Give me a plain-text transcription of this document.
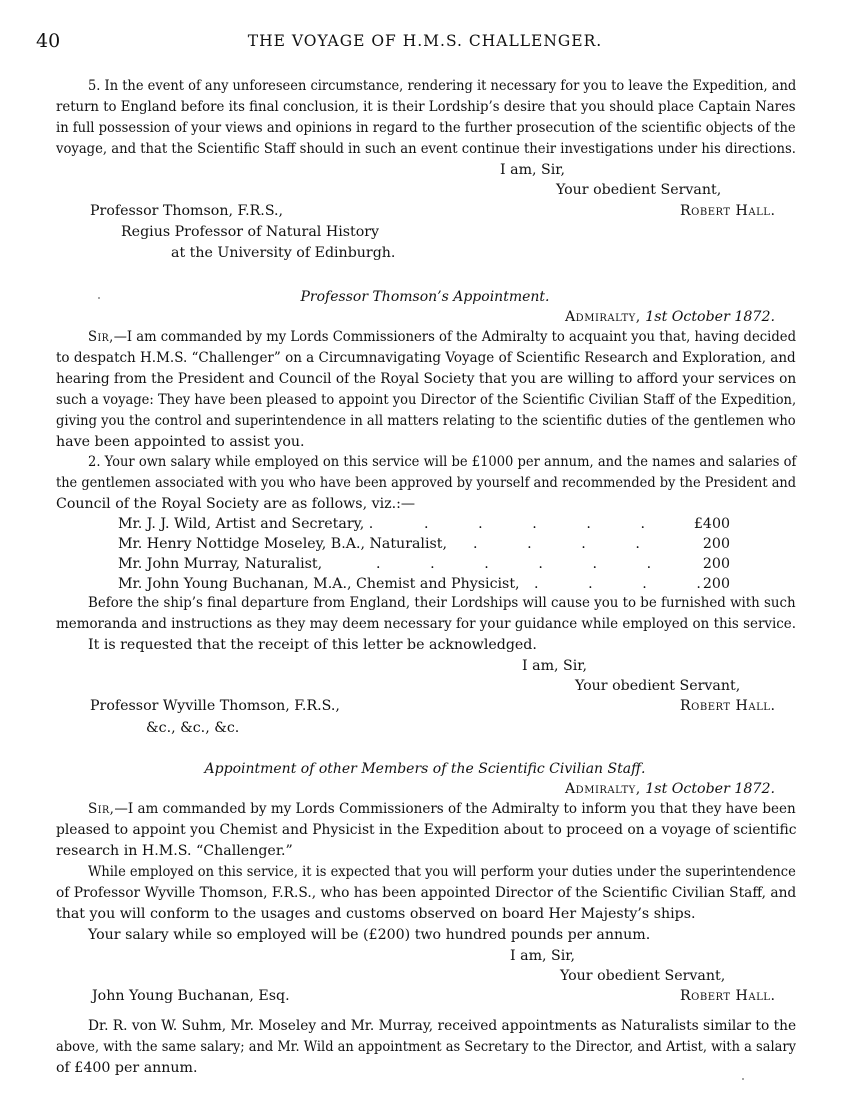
40	THE VOYAGE OF H.M.S. CHALLENGER.
5. In the event of any unforeseen circumstance, rendering it necessary for you to leave the Expedition, and
return to England before its final conclusion, it is their Lordship’s desire that you should place Captain Nares
in full possession of your views and opinions in regard to the further prosecution of the scientific objects of the
voyage, and that the Scientific Staff should in such an event continue their investigations under his directions.
I am, Sir,
Your obedient Servant,
Robert Hall.
Professor Thomson, F.R.S.,
Regius Professor of Natural History
at the University of Edinburgh.
Professor Thomson’s Appointment.
Admiralty, 1st October 1872.
Sir,—I am commanded by my Lords Commissioners of the Admiralty to acquaint you that, having decided
to despatch H.M.S. “Challenger” on a Circumnavigating Voyage of Scientific Research and Exploration, and
hearing from the President and Council of the Royal Society that you are willing to afford your services on
such a voyage: They have been pleased to appoint you Director of the Scientific Civilian Staff of the Expedition,
giving you the control and superintendence in all matters relating to the scientific duties of the gentlemen who
have been appointed to assist you.
2. Your own salary while employed on this service will be £1000 per annum, and the names and salaries of
the gentlemen associated with you who have been approved by yourself and recommended by the President and
Council of the Royal Society are as follows, viz.:—
Mr. J. J. Wild, Artist and Secretary, .	.           .           .           .           .	£400
Mr. Henry Nottidge Moseley, B.A., Naturalist, .           .           .           .	200
Mr. John Murray, Naturalist,	.           .           .           .           .           .	200
Mr. John Young Buchanan, M.A., Chemist and Physicist, .           .           .           . 200
Before the ship’s final departure from England, their Lordships will cause you to be furnished with such
memoranda and instructions as they may deem necessary for your guidance while employed on this service.
It is requested that the receipt of this letter be acknowledged.
I am, Sir,
Your obedient Servant,
Robert Hall.
Professor Wyville Thomson, F.R.S.,
&c., &c., &c.
Appointment of other Members of the Scientific Civilian Staff.
Admiralty, 1st October 1872.
Sir,—I am commanded by my Lords Commissioners of the Admiralty to inform you that they have been
pleased to appoint you Chemist and Physicist in the Expedition about to proceed on a voyage of scientific
research in H.M.S. “Challenger.”
While employed on this service, it is expected that you will perform your duties under the superintendence
of Professor Wyville Thomson, F.R.S., who has been appointed Director of the Scientific Civilian Staff, and
that you will conform to the usages and customs observed on board Her Majesty’s ships.
Your salary while so employed will be (£200) two hundred pounds per annum.
I am, Sir,
Your obedient Servant,
Robert Hall.
John Young Buchanan, Esq.
Dr. R. von W. Suhm, Mr. Moseley and Mr. Murray, received appointments as Naturalists similar to the
above, with the same salary; and Mr. Wild an appointment as Secretary to the Director, and Artist, with a salary
of £400 per annum.
